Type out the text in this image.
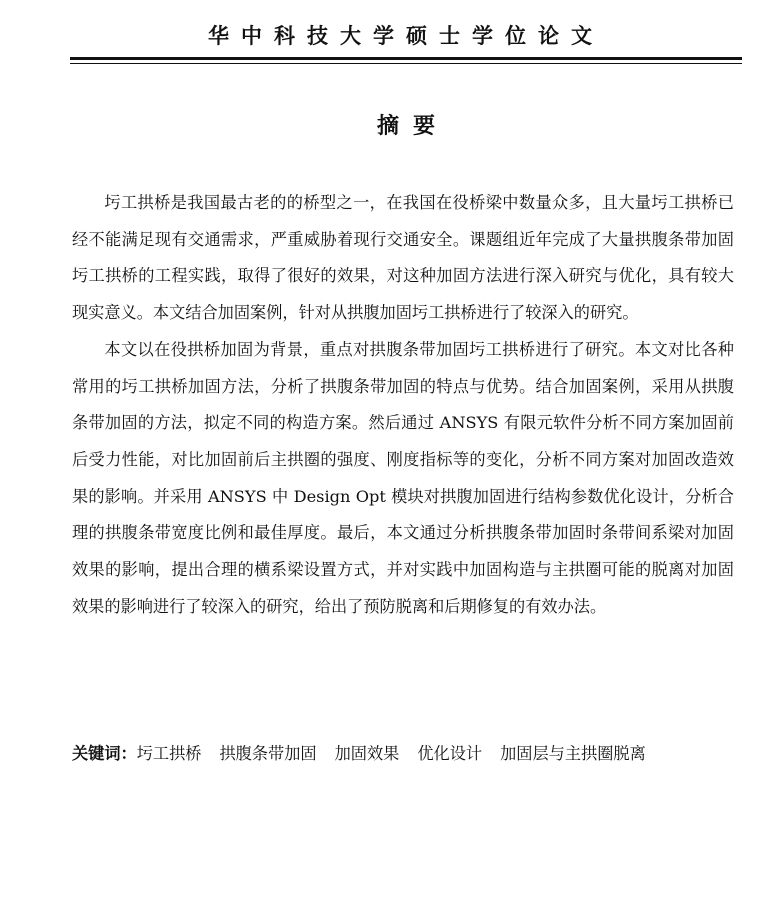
华中科技大学硕士学位论文
摘要

圬工拱桥是我国最古老的的桥型之一，在我国在役桥梁中数量众多，且大量圬工拱桥已经不能满足现有交通需求，严重威胁着现行交通安全。课题组近年完成了大量拱腹条带加固圬工拱桥的工程实践，取得了很好的效果，对这种加固方法进行深入研究与优化，具有较大现实意义。本文结合加固案例，针对从拱腹加固圬工拱桥进行了较深入的研究。

本文以在役拱桥加固为背景，重点对拱腹条带加固圬工拱桥进行了研究。本文对比各种常用的圬工拱桥加固方法，分析了拱腹条带加固的特点与优势。结合加固案例，采用从拱腹条带加固的方法，拟定不同的构造方案。然后通过 ANSYS 有限元软件分析不同方案加固前后受力性能，对比加固前后主拱圈的强度、刚度指标等的变化，分析不同方案对加固改造效果的影响。并采用 ANSYS 中 Design Opt 模块对拱腹加固进行结构参数优化设计，分析合理的拱腹条带宽度比例和最佳厚度。最后，本文通过分析拱腹条带加固时条带间系梁对加固效果的影响，提出合理的横系梁设置方式，并对实践中加固构造与主拱圈可能的脱离对加固效果的影响进行了较深入的研究，给出了预防脱离和后期修复的有效办法。

关键词：圬工拱桥 拱腹条带加固 加固效果 优化设计 加固层与主拱圈脱离
